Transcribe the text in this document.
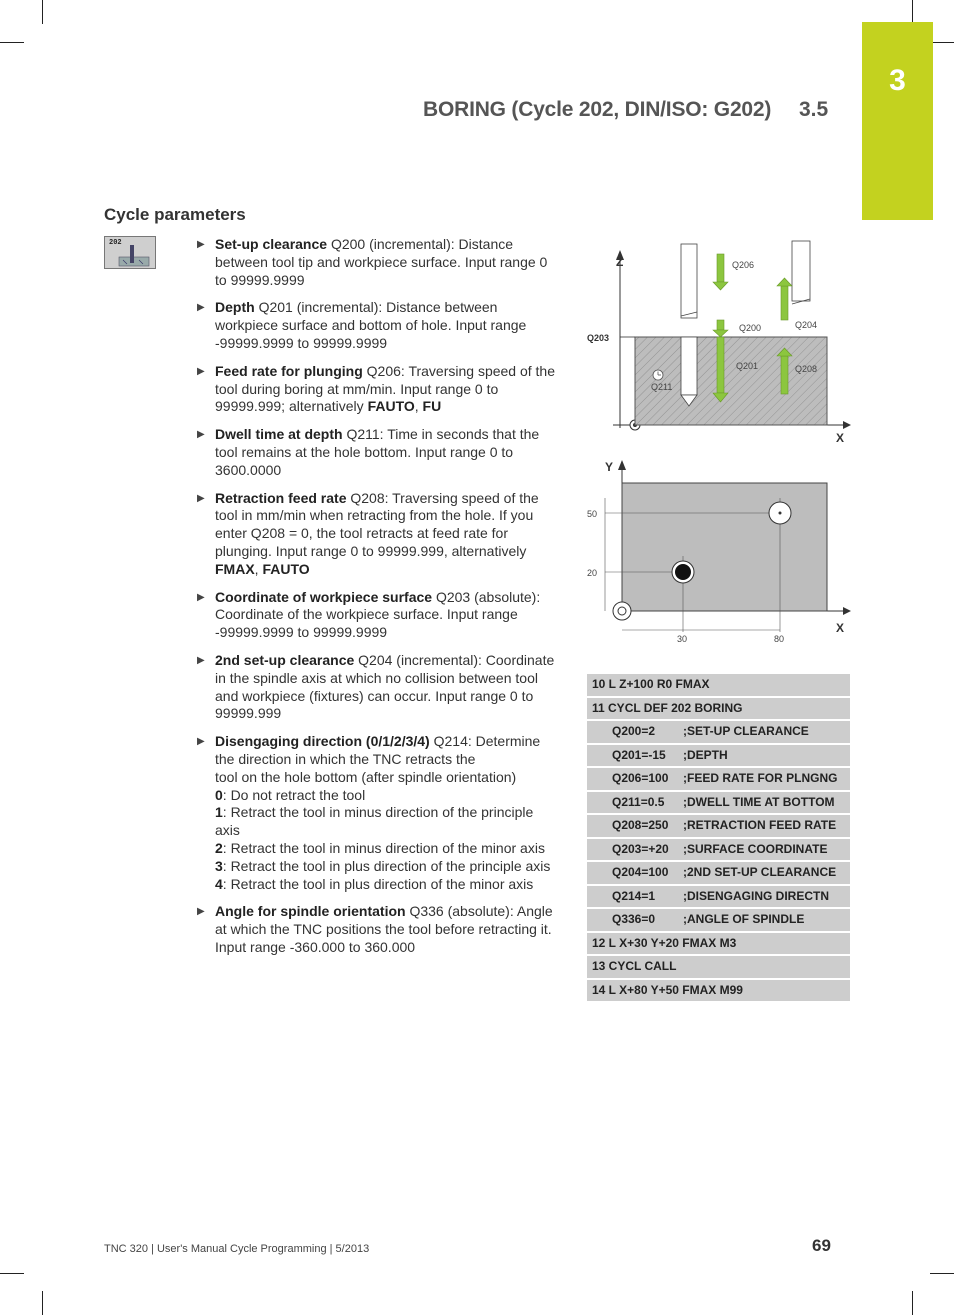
3
BORING (Cycle 202, DIN/ISO: G202) 3.5
Cycle parameters
202	▶ Set-up clearance Q200 (incremental): Distance between tool tip and workpiece surface. Input range 0 to 99999.9999
▶ Depth Q201 (incremental): Distance between workpiece surface and bottom of hole. Input range -99999.9999 to 99999.9999
▶ Feed rate for plunging Q206: Traversing speed of the tool during boring at mm/min. Input range 0 to 99999.999; alternatively FAUTO, FU
▶ Dwell time at depth Q211: Time in seconds that the tool remains at the hole bottom. Input range 0 to 3600.0000
▶ Retraction feed rate Q208: Traversing speed of the tool in mm/min when retracting from the hole. If you enter Q208 = 0, the tool retracts at feed rate for plunging. Input range 0 to 99999.999, alternatively
FMAX, FAUTO
▶ Coordinate of workpiece surface Q203 (absolute): Coordinate of the workpiece surface. Input range -99999.9999 to 99999.9999
▶ 2nd set-up clearance Q204 (incremental): Coordinate in the spindle axis at which no collision between tool and workpiece (fixtures) can occur. Input range 0 to 99999.999
▶ Disengaging direction (0/1/2/3/4) Q214: Determine the direction in which the TNC retracts the
tool on the hole bottom (after spindle orientation)
0: Do not retract the tool
1: Retract the tool in minus direction of the principle axis
2: Retract the tool in minus direction of the minor axis
3: Retract the tool in plus direction of the principle axis
4: Retract the tool in plus direction of the minor axis
▶ Angle for spindle orientation Q336 (absolute): Angle at which the TNC positions the tool before retracting it. Input range -360.000 to 360.000
Z
X
Q203
Q206
Q200	Q204
Q201	Q208
Q211
Y
X
50
20
30	80
10 L Z+100 R0 FMAX	
11 CYCL DEF 202 BORING	
Q200=2	;SET-UP CLEARANCE
Q201=-15	;DEPTH
Q206=100	;FEED RATE FOR PLNGNG
Q211=0.5	;DWELL TIME AT BOTTOM
Q208=250	;RETRACTION FEED RATE
Q203=+20	;SURFACE COORDINATE
Q204=100	;2ND SET-UP CLEARANCE
Q214=1	;DISENGAGING DIRECTN
Q336=0	;ANGLE OF SPINDLE
12 L X+30 Y+20 FMAX M3	
13 CYCL CALL	
14 L X+80 Y+50 FMAX M99	
TNC 320 | User's Manual Cycle Programming | 5/2013	69
